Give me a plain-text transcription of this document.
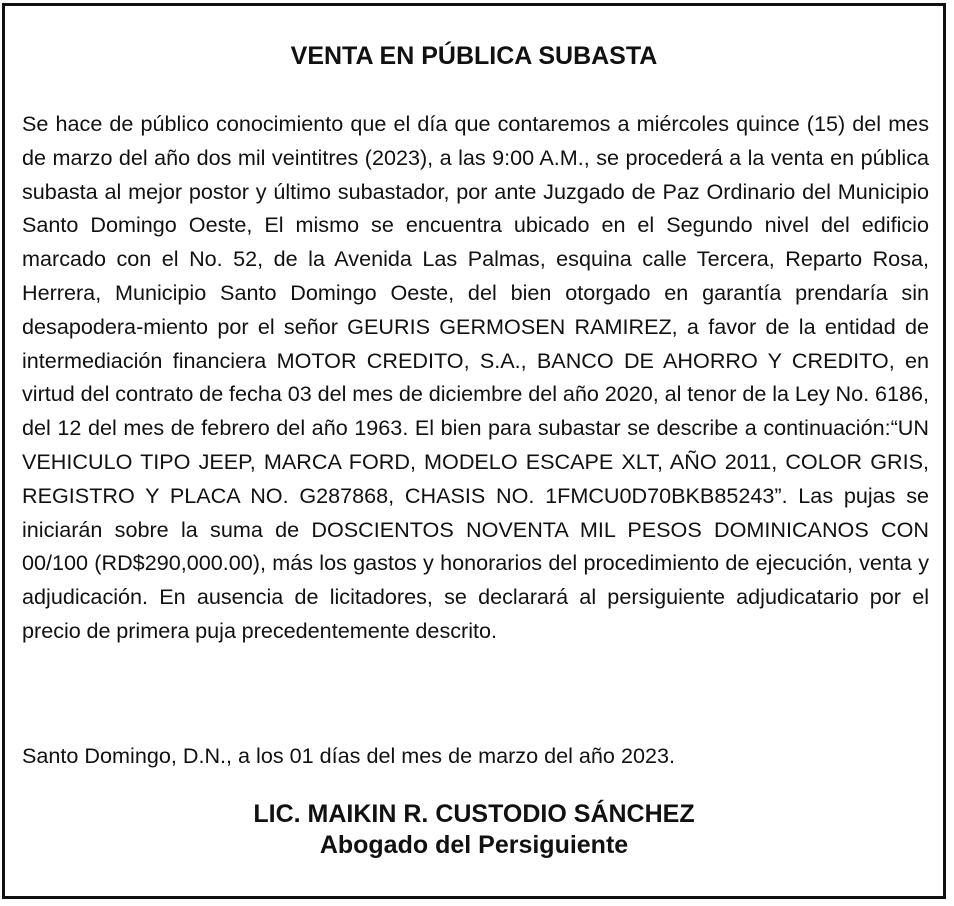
VENTA EN PÚBLICA SUBASTA

Se hace de público conocimiento que el día que contaremos a miércoles quince (15) del mes de marzo del año dos mil veintitres (2023), a las 9:00 A.M., se procederá a la venta en pública subasta al mejor postor y último subastador, por ante Juzgado de Paz Ordinario del Municipio Santo Domingo Oeste, El mismo se encuentra ubicado en el Segundo nivel del edificio marcado con el No. 52, de la Avenida Las Palmas, esquina calle Tercera, Reparto Rosa, Herrera, Municipio Santo Domingo Oeste, del bien otorgado en garantía prendaría sin desapodera-miento por el señor GEURIS GERMOSEN RAMIREZ, a favor de la entidad de intermediación financiera MOTOR CREDITO, S.A., BANCO DE AHORRO Y CREDITO, en virtud del contrato de fecha 03 del mes de diciembre del año 2020, al tenor de la Ley No. 6186, del 12 del mes de febrero del año 1963. El bien para subastar se describe a continuación:“UN VEHICULO TIPO JEEP, MARCA FORD, MODELO ESCAPE XLT, AÑO 2011, COLOR GRIS, REGISTRO Y PLACA NO. G287868, CHASIS NO. 1FMCU0D70BKB85243”. Las pujas se iniciarán sobre la suma de DOSCIENTOS NOVENTA MIL PESOS DOMINICANOS CON 00/100 (RD$290,000.00), más los gastos y honorarios del procedimiento de ejecución, venta y adjudicación. En ausencia de licitadores, se declarará al persiguiente adjudicatario por el precio de primera puja precedentemente descrito.

Santo Domingo, D.N., a los 01 días del mes de marzo del año 2023.

LIC. MAIKIN R. CUSTODIO SÁNCHEZ
Abogado del Persiguiente
